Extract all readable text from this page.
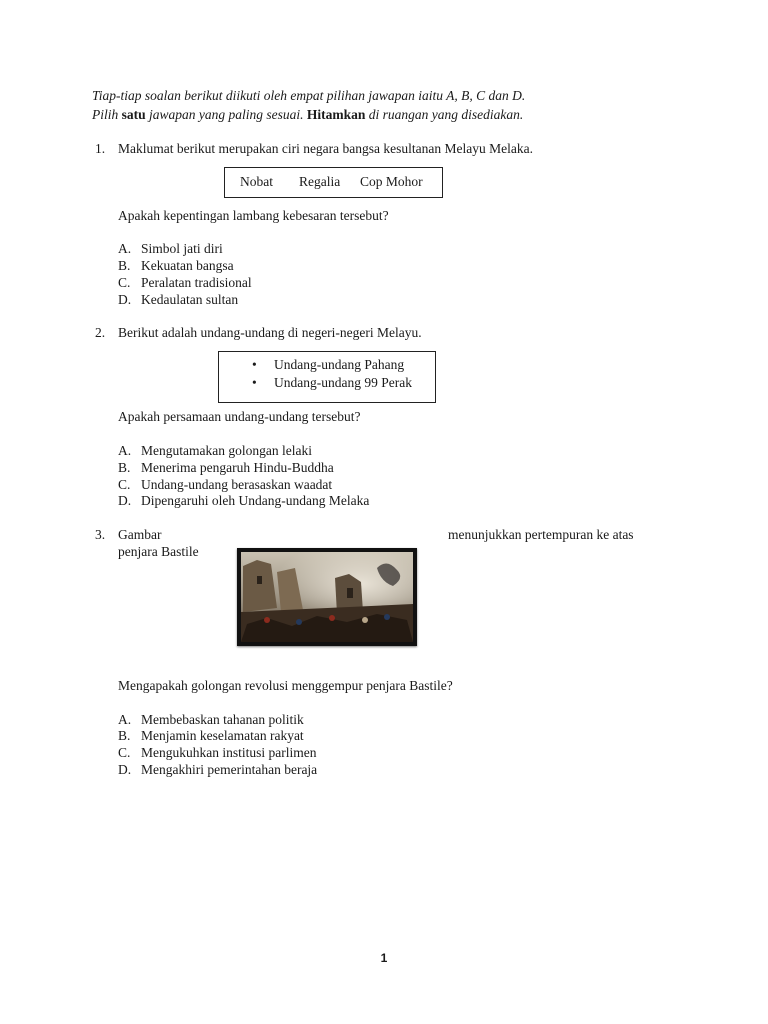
Tiap-tiap soalan berikut diikuti oleh empat pilihan jawapan iaitu A, B, C dan D.
Pilih satu jawapan yang paling sesuai. Hitamkan di ruangan yang disediakan.
1. Maklumat berikut merupakan ciri negara bangsa kesultanan Melayu Melaka.
Nobat Regalia Cop Mohor
Apakah kepentingan lambang kebesaran tersebut?
A. Simbol jati diri
B. Kekuatan bangsa
C. Peralatan tradisional
D. Kedaulatan sultan
2. Berikut adalah undang-undang di negeri-negeri Melayu.
• Undang-undang Pahang
• Undang-undang 99 Perak
Apakah persamaan undang-undang tersebut?
A. Mengutamakan golongan lelaki
B. Menerima pengaruh Hindu-Buddha
C. Undang-undang berasaskan waadat
D. Dipengaruhi oleh Undang-undang Melaka
3. Gambar	menunjukkan pertempuran ke atas
penjara Bastile
Mengapakah golongan revolusi menggempur penjara Bastile?
A. Membebaskan tahanan politik
B. Menjamin keselamatan rakyat
C. Mengukuhkan institusi parlimen
D. Mengakhiri pemerintahan beraja
1
